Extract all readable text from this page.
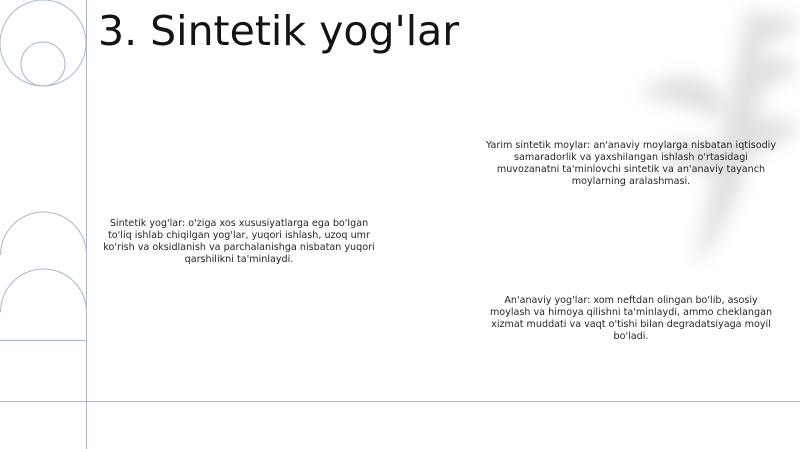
3. Sintetik yog'lar

Sintetik yog'lar: o'ziga xos xususiyatlarga ega bo'lgan to'liq ishlab chiqilgan yog'lar, yuqori ishlash, uzoq umr ko'rish va oksidlanish va parchalanishga nisbatan yuqori qarshilikni ta'minlaydi.

Yarim sintetik moylar: an'anaviy moylarga nisbatan iqtisodiy samaradorlik va yaxshilangan ishlash o'rtasidagi muvozanatni ta'minlovchi sintetik va an'anaviy tayanch moylarning aralashmasi.

An'anaviy yog'lar: xom neftdan olingan bo'lib, asosiy moylash va himoya qilishni ta'minlaydi, ammo cheklangan xizmat muddati va vaqt o'tishi bilan degradatsiyaga moyil bo'ladi.
